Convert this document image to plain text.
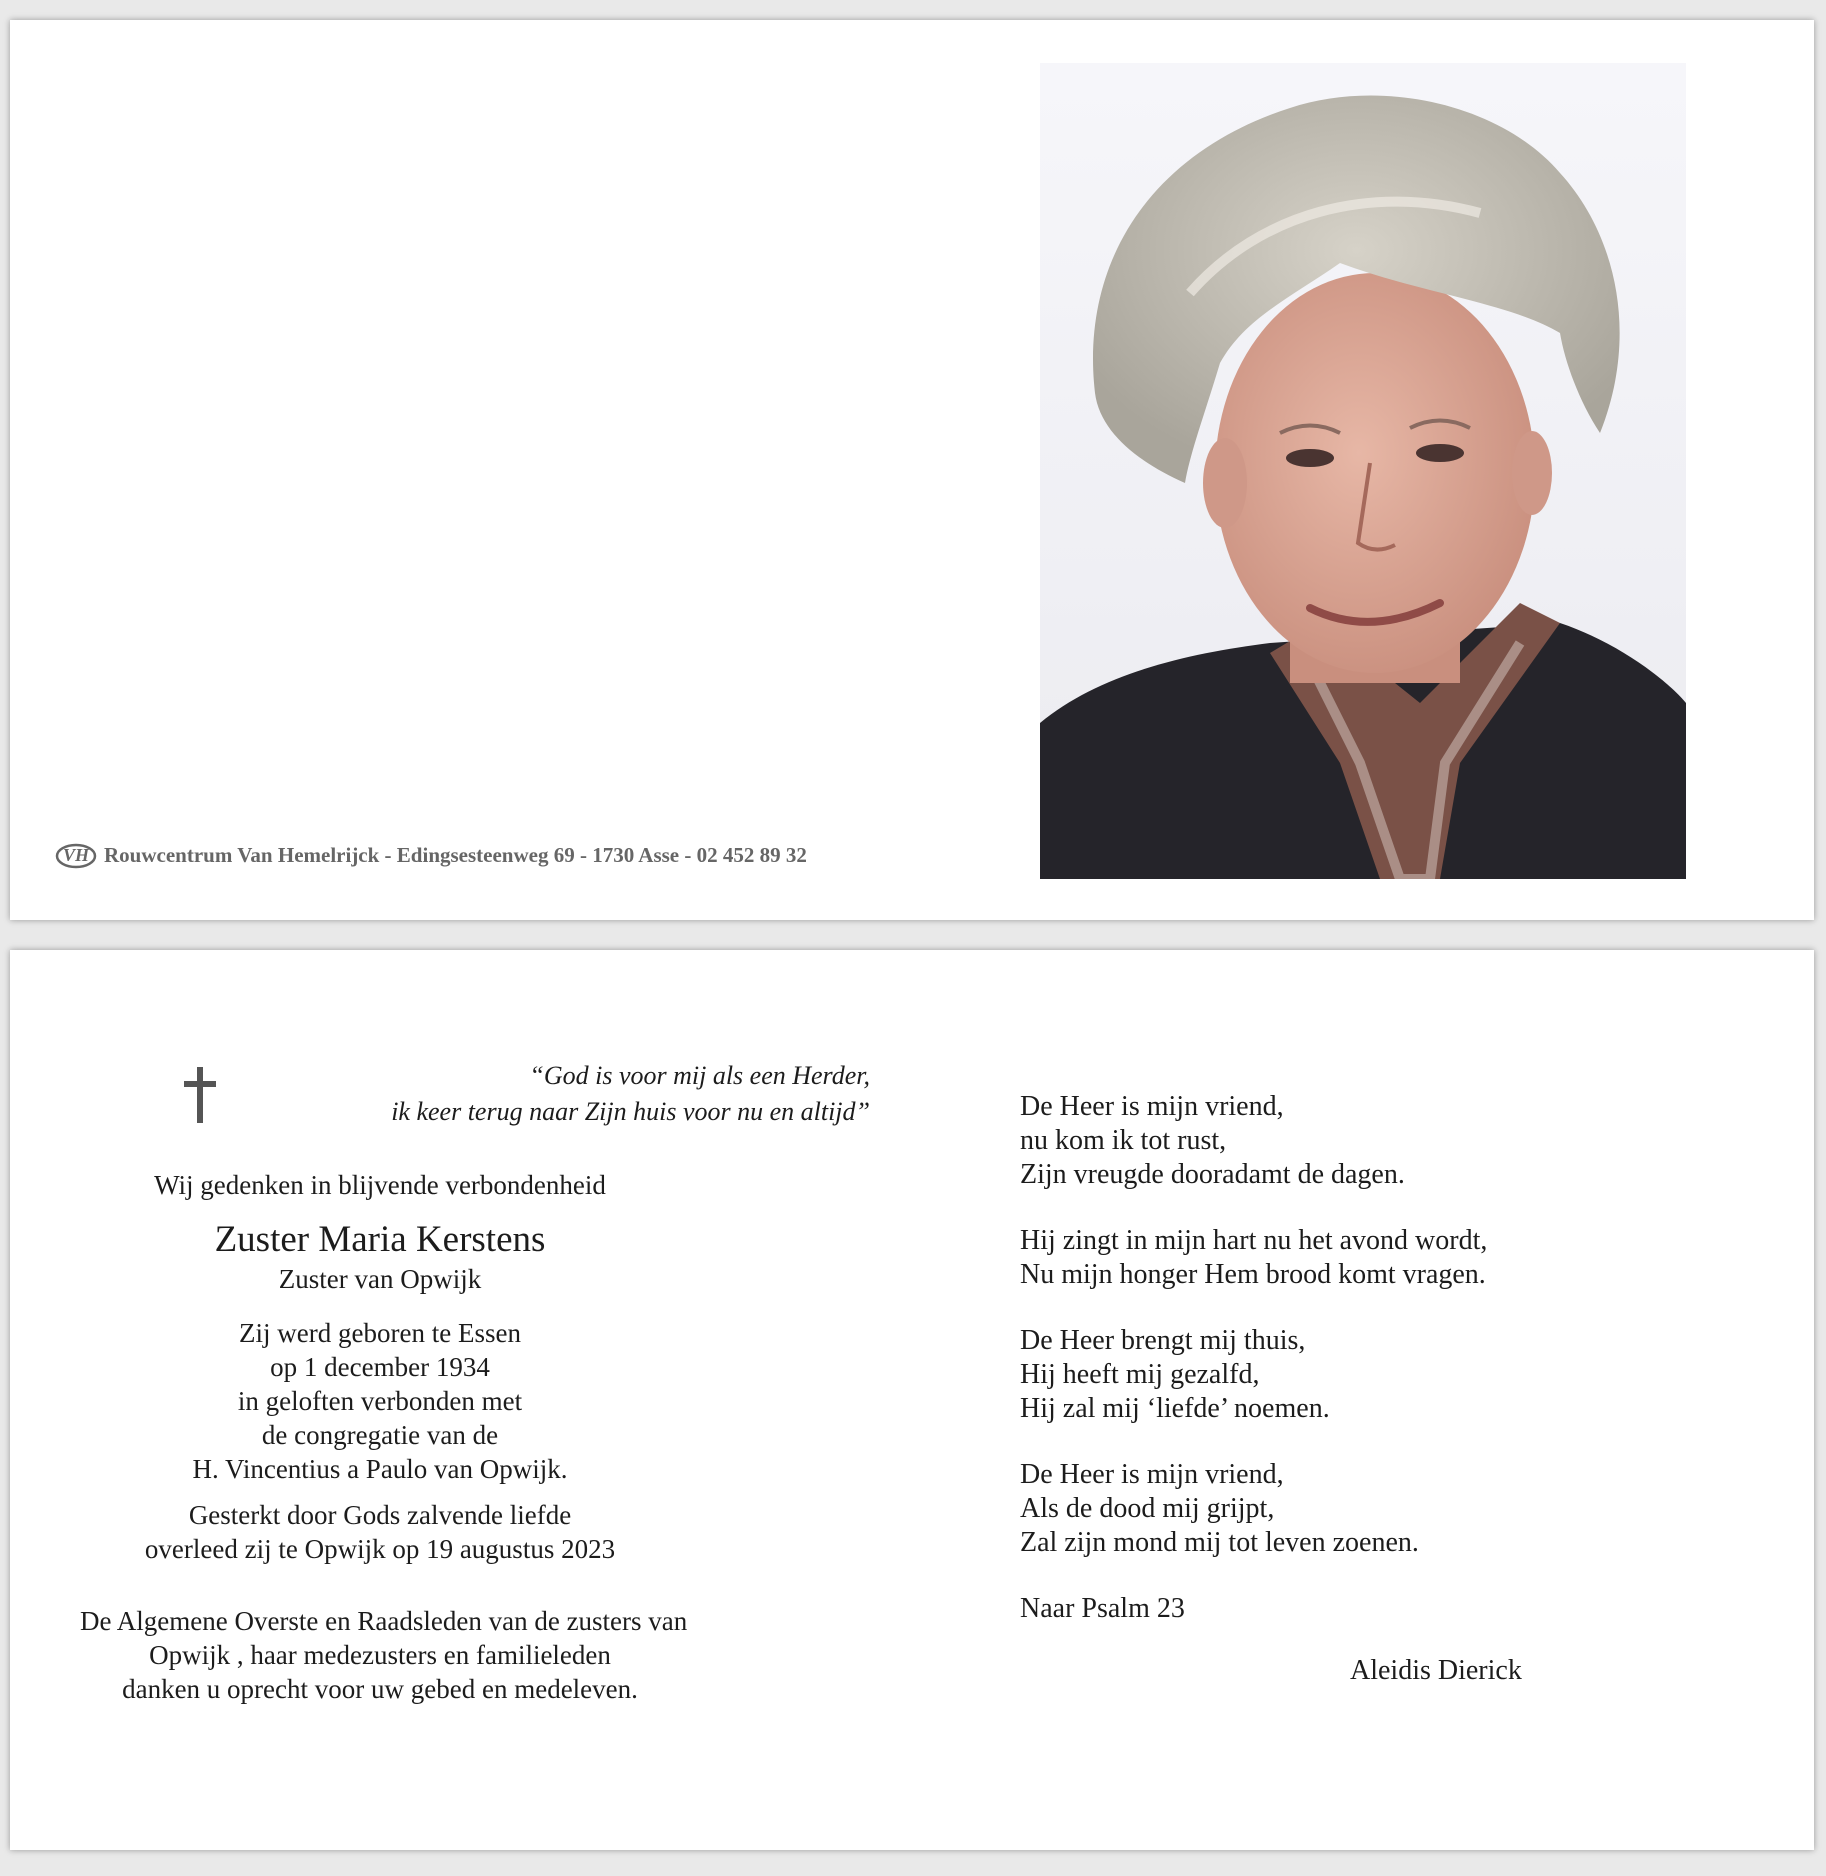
VH Rouwcentrum Van Hemelrijck - Edingsesteenweg 69 - 1730 Asse - 02 452 89 32
“God is voor mij als een Herder,
ik keer terug naar Zijn huis voor nu en altijd”
Wij gedenken in blijvende verbondenheid
Zuster Maria Kerstens
Zuster van Opwijk
Zij werd geboren te Essen
op 1 december 1934
in geloften verbonden met
de congregatie van de
H. Vincentius a Paulo van Opwijk.
Gesterkt door Gods zalvende liefde
overleed zij te Opwijk op 19 augustus 2023
De Algemene Overste en Raadsleden van de zusters van
Opwijk , haar medezusters en familieleden
danken u oprecht voor uw gebed en medeleven.
De Heer is mijn vriend,
nu kom ik tot rust,
Zijn vreugde dooradamt de dagen.
Hij zingt in mijn hart nu het avond wordt,
Nu mijn honger Hem brood komt vragen.
De Heer brengt mij thuis,
Hij heeft mij gezalfd,
Hij zal mij ‘liefde’ noemen.
De Heer is mijn vriend,
Als de dood mij grijpt,
Zal zijn mond mij tot leven zoenen.
Naar Psalm 23
Aleidis Dierick
